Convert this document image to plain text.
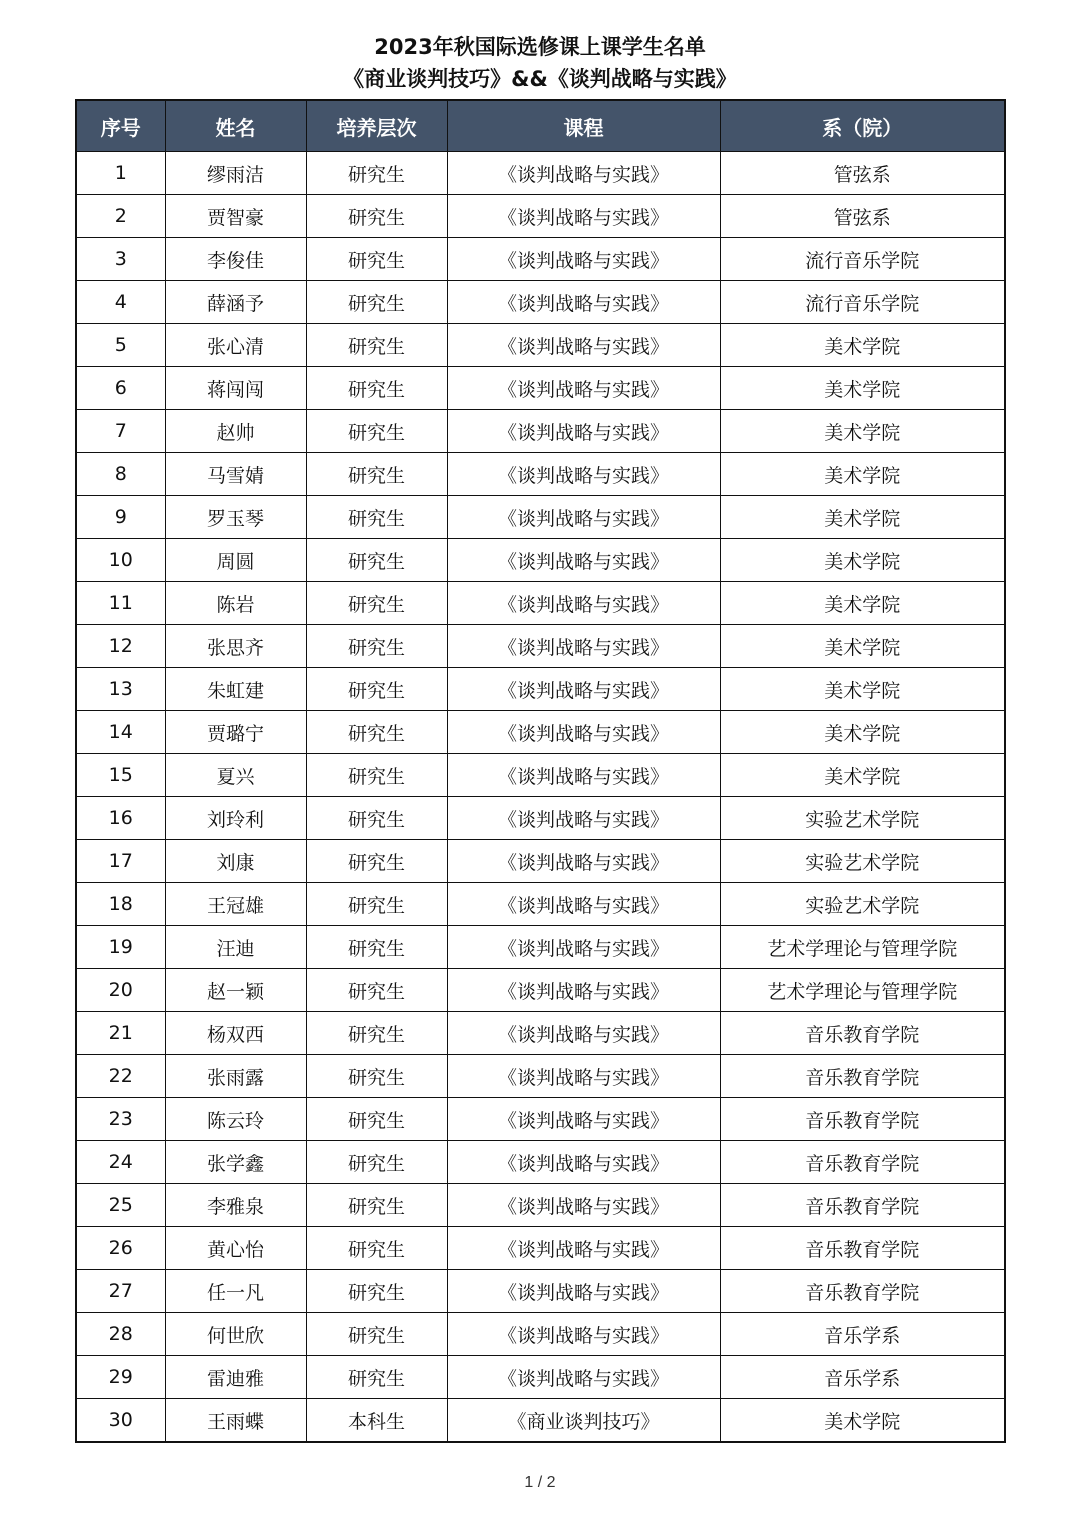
2023年秋国际选修课上课学生名单
《商业谈判技巧》&&《谈判战略与实践》
序号	姓名	培养层次	课程	系（院）
1	缪雨洁	研究生	《谈判战略与实践》	管弦系
2	贾智豪	研究生	《谈判战略与实践》	管弦系
3	李俊佳	研究生	《谈判战略与实践》	流行音乐学院
4	薛涵予	研究生	《谈判战略与实践》	流行音乐学院
5	张心清	研究生	《谈判战略与实践》	美术学院
6	蒋闯闯	研究生	《谈判战略与实践》	美术学院
7	赵帅	研究生	《谈判战略与实践》	美术学院
8	马雪婧	研究生	《谈判战略与实践》	美术学院
9	罗玉琴	研究生	《谈判战略与实践》	美术学院
10	周圆	研究生	《谈判战略与实践》	美术学院
11	陈岩	研究生	《谈判战略与实践》	美术学院
12	张思齐	研究生	《谈判战略与实践》	美术学院
13	朱虹建	研究生	《谈判战略与实践》	美术学院
14	贾璐宁	研究生	《谈判战略与实践》	美术学院
15	夏兴	研究生	《谈判战略与实践》	美术学院
16	刘玲利	研究生	《谈判战略与实践》	实验艺术学院
17	刘康	研究生	《谈判战略与实践》	实验艺术学院
18	王冠雄	研究生	《谈判战略与实践》	实验艺术学院
19	汪迪	研究生	《谈判战略与实践》	艺术学理论与管理学院
20	赵一颖	研究生	《谈判战略与实践》	艺术学理论与管理学院
21	杨双西	研究生	《谈判战略与实践》	音乐教育学院
22	张雨露	研究生	《谈判战略与实践》	音乐教育学院
23	陈云玲	研究生	《谈判战略与实践》	音乐教育学院
24	张学鑫	研究生	《谈判战略与实践》	音乐教育学院
25	李雅泉	研究生	《谈判战略与实践》	音乐教育学院
26	黄心怡	研究生	《谈判战略与实践》	音乐教育学院
27	任一凡	研究生	《谈判战略与实践》	音乐教育学院
28	何世欣	研究生	《谈判战略与实践》	音乐学系
29	雷迪雅	研究生	《谈判战略与实践》	音乐学系
30	王雨蝶	本科生	《商业谈判技巧》	美术学院
1 / 2
